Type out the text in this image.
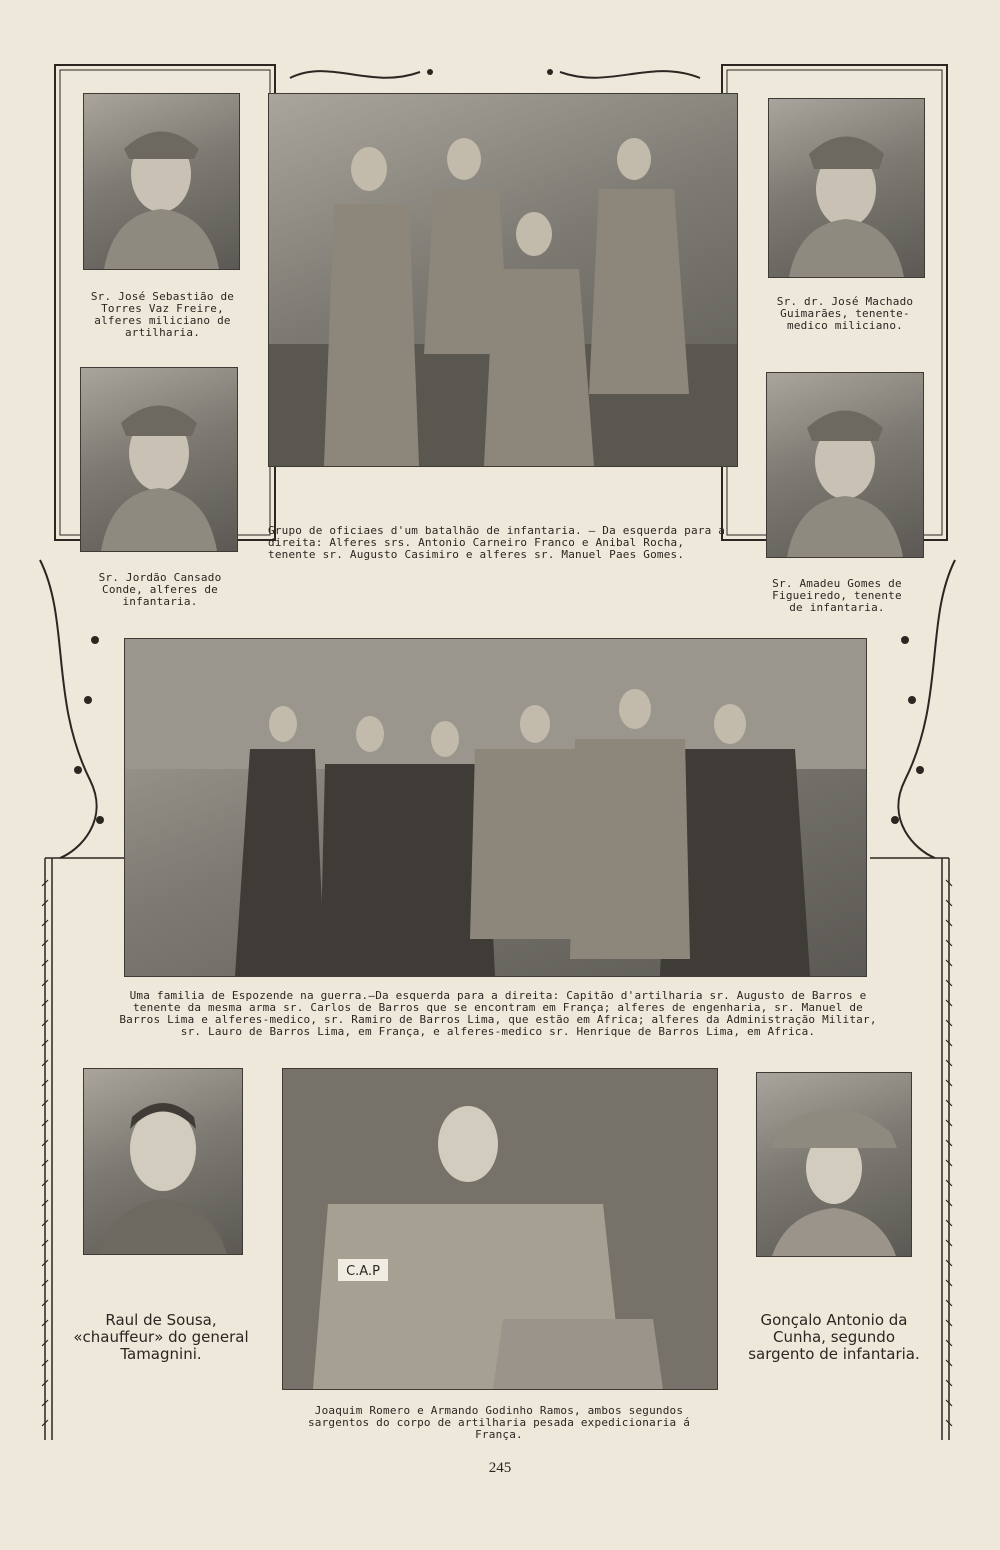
Sr. José Sebastião de Torres Vaz Freire, alferes miliciano de artilharia.
Grupo de oficiaes d'um batalhão de infantaria. — Da esquerda para a direita: Alferes srs. Antonio Carneiro Franco e Anibal Rocha, tenente sr. Augusto Casimiro e alferes sr. Manuel Paes Gomes.
Sr. dr. José Machado Guimarães, tenente-medico miliciano.
Sr. Jordão Cansado Conde, alferes de infantaria.
Sr. Amadeu Gomes de Figueiredo, tenente de infantaria.
Uma familia de Espozende na guerra.—Da esquerda para a direita: Capitão d'artilharia sr. Augusto de Barros e tenente da mesma arma sr. Carlos de Barros que se encontram em França; alferes de engenharia, sr. Manuel de Barros Lima e alferes-medico, sr. Ramiro de Barros Lima, que estão em Africa; alferes da Administração Militar, sr. Lauro de Barros Lima, em França, e alferes-medico sr. Henrique de Barros Lima, em Africa.
Raul de Sousa, «chauffeur» do general Tamagnini.
C.A.P
Joaquim Romero e Armando Godinho Ramos, ambos segundos sargentos do corpo de artilharia pesada expedicionaria á França.
Gonçalo Antonio da Cunha, segundo sargento de infantaria.
245
